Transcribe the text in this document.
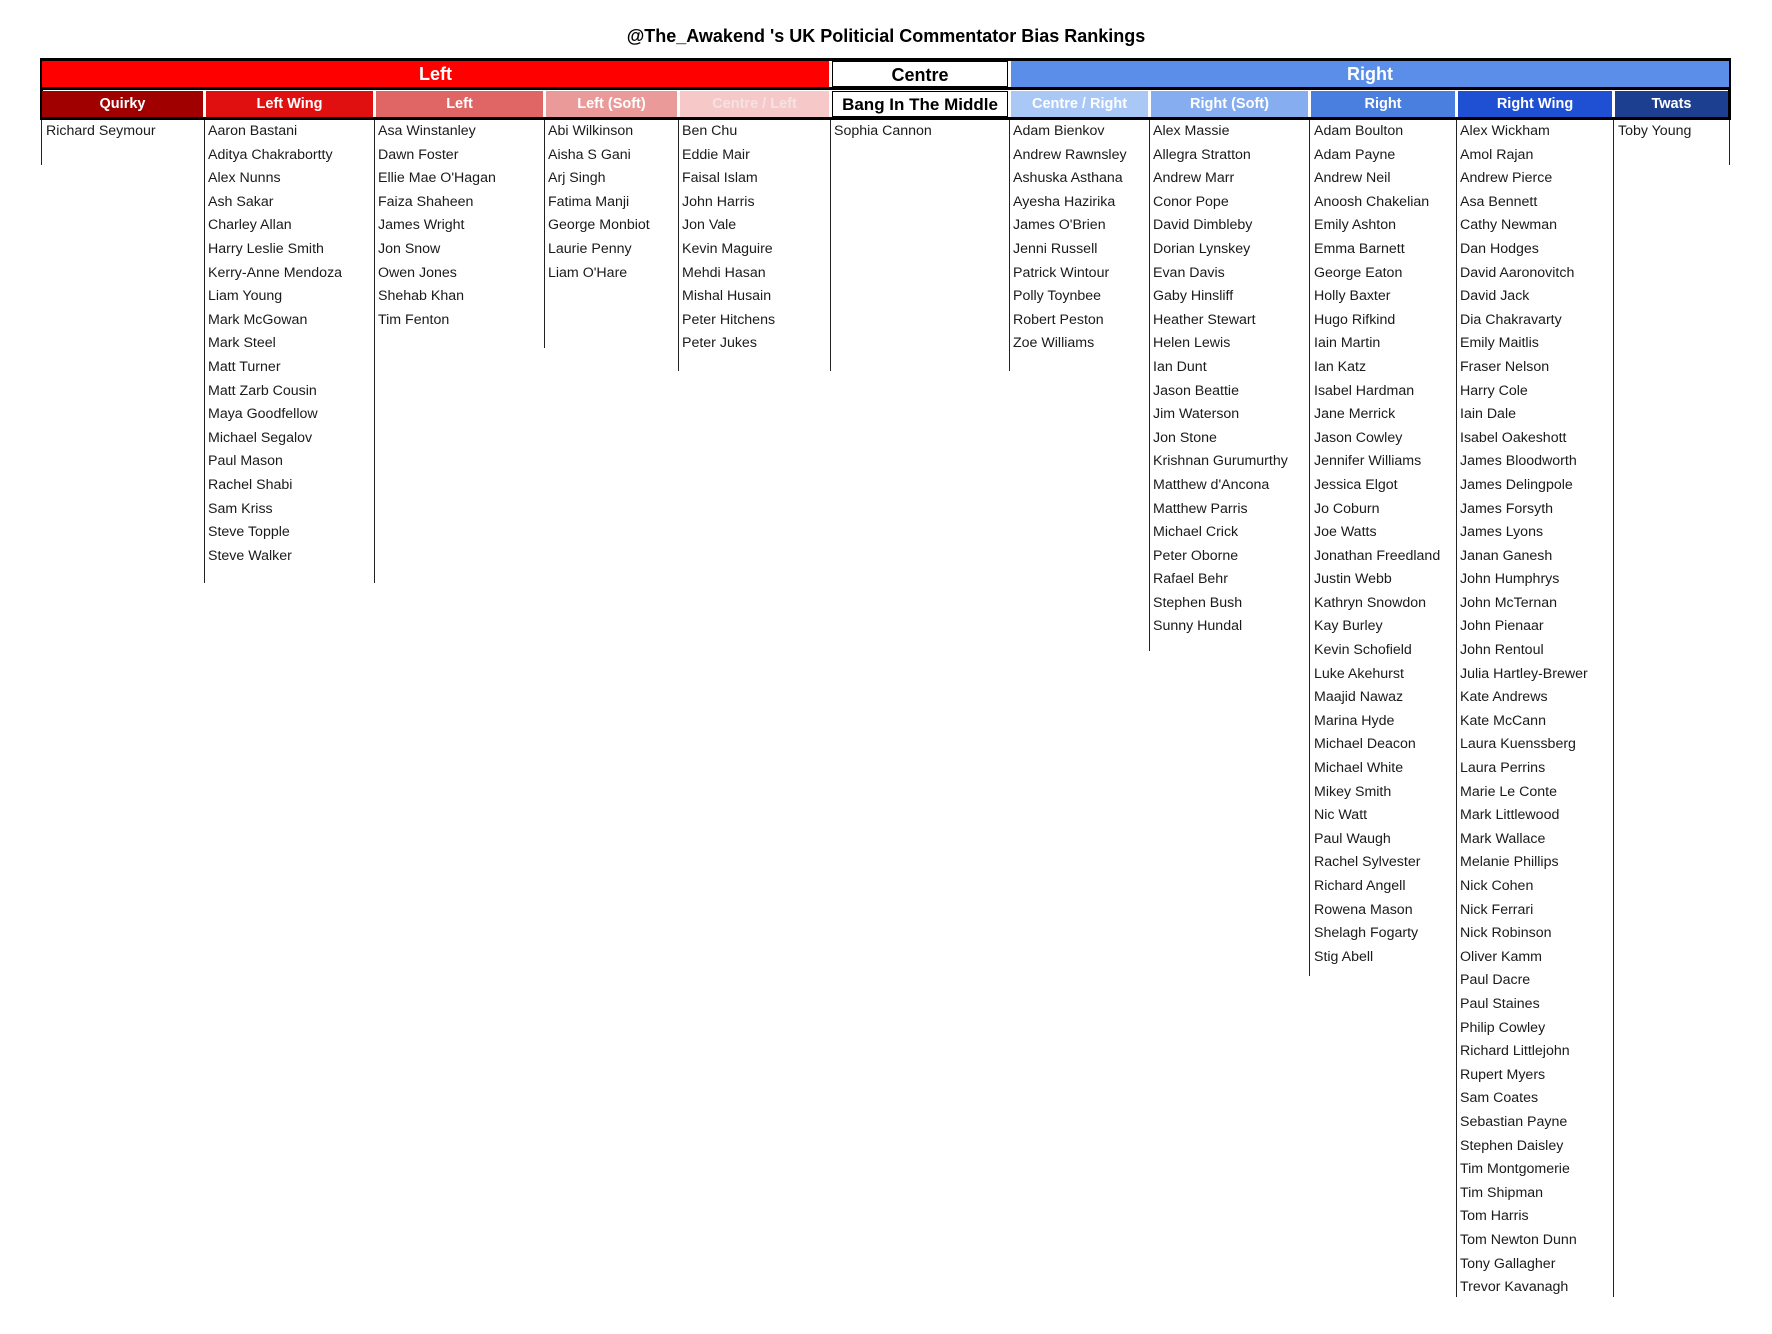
@The_Awakend 's UK Politicial Commentator Bias Rankings
Left	Centre	Right
Quirky
Richard Seymour
Left Wing
Aaron Bastani
Aditya Chakrabortty
Alex Nunns
Ash Sakar
Charley Allan
Harry Leslie Smith
Kerry-Anne Mendoza
Liam Young
Mark McGowan
Mark Steel
Matt Turner
Matt Zarb Cousin
Maya Goodfellow
Michael Segalov
Paul Mason
Rachel Shabi
Sam Kriss
Steve Topple
Steve Walker
Left
Asa Winstanley
Dawn Foster
Ellie Mae O'Hagan
Faiza Shaheen
James Wright
Jon Snow
Owen Jones
Shehab Khan
Tim Fenton
Left (Soft)
Abi Wilkinson
Aisha S Gani
Arj Singh
Fatima Manji
George Monbiot
Laurie Penny
Liam O'Hare
Centre / Left
Ben Chu
Eddie Mair
Faisal Islam
John Harris
Jon Vale
Kevin Maguire
Mehdi Hasan
Mishal Husain
Peter Hitchens
Peter Jukes
Bang In The Middle
Sophia Cannon
Centre / Right
Adam Bienkov
Andrew Rawnsley
Ashuska Asthana
Ayesha Hazirika
James O'Brien
Jenni Russell
Patrick Wintour
Polly Toynbee
Robert Peston
Zoe Williams
Right (Soft)
Alex Massie
Allegra Stratton
Andrew Marr
Conor Pope
David Dimbleby
Dorian Lynskey
Evan Davis
Gaby Hinsliff
Heather Stewart
Helen Lewis
Ian Dunt
Jason Beattie
Jim Waterson
Jon Stone
Krishnan Gurumurthy
Matthew d'Ancona
Matthew Parris
Michael Crick
Peter Oborne
Rafael Behr
Stephen Bush
Sunny Hundal
Right
Adam Boulton
Adam Payne
Andrew Neil
Anoosh Chakelian
Emily Ashton
Emma Barnett
George Eaton
Holly Baxter
Hugo Rifkind
Iain Martin
Ian Katz
Isabel Hardman
Jane Merrick
Jason Cowley
Jennifer Williams
Jessica Elgot
Jo Coburn
Joe Watts
Jonathan Freedland
Justin Webb
Kathryn Snowdon
Kay Burley
Kevin Schofield
Luke Akehurst
Maajid Nawaz
Marina Hyde
Michael Deacon
Michael White
Mikey Smith
Nic Watt
Paul Waugh
Rachel Sylvester
Richard Angell
Rowena Mason
Shelagh Fogarty
Stig Abell
Right Wing
Alex Wickham
Amol Rajan
Andrew Pierce
Asa Bennett
Cathy Newman
Dan Hodges
David Aaronovitch
David Jack
Dia Chakravarty
Emily Maitlis
Fraser Nelson
Harry Cole
Iain Dale
Isabel Oakeshott
James Bloodworth
James Delingpole
James Forsyth
James Lyons
Janan Ganesh
John Humphrys
John McTernan
John Pienaar
John Rentoul
Julia Hartley-Brewer
Kate Andrews
Kate McCann
Laura Kuenssberg
Laura Perrins
Marie Le Conte
Mark Littlewood
Mark Wallace
Melanie Phillips
Nick Cohen
Nick Ferrari
Nick Robinson
Oliver Kamm
Paul Dacre
Paul Staines
Philip Cowley
Richard Littlejohn
Rupert Myers
Sam Coates
Sebastian Payne
Stephen Daisley
Tim Montgomerie
Tim Shipman
Tom Harris
Tom Newton Dunn
Tony Gallagher
Trevor Kavanagh
Twats
Toby Young
